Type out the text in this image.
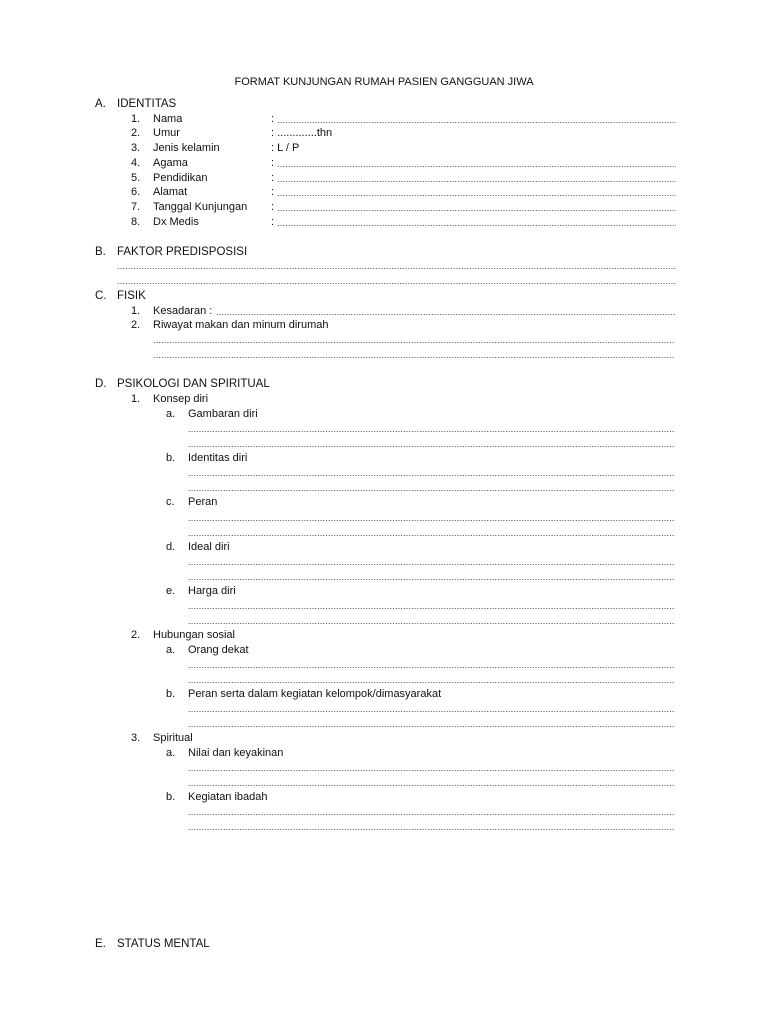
FORMAT KUNJUNGAN RUMAH PASIEN GANGGUAN JIWA
A. IDENTITAS
1. Nama	:
2. Umur	: .............thn
3. Jenis kelamin	: L / P
4. Agama	:
5. Pendidikan	:
6. Alamat	:
7. Tanggal Kunjungan :
8. Dx Medis	:
B. FAKTOR PREDISPOSISI
C. FISIK
1. Kesadaran :
2. Riwayat makan dan minum dirumah
D. PSIKOLOGI DAN SPIRITUAL
1. Konsep diri
a. Gambaran diri
b. Identitas diri
c. Peran
d. Ideal diri
e. Harga diri
2. Hubungan sosial
a. Orang dekat
b. Peran serta dalam kegiatan kelompok/dimasyarakat
3. Spiritual
a. Nilai dan keyakinan
b. Kegiatan ibadah
E. STATUS MENTAL
